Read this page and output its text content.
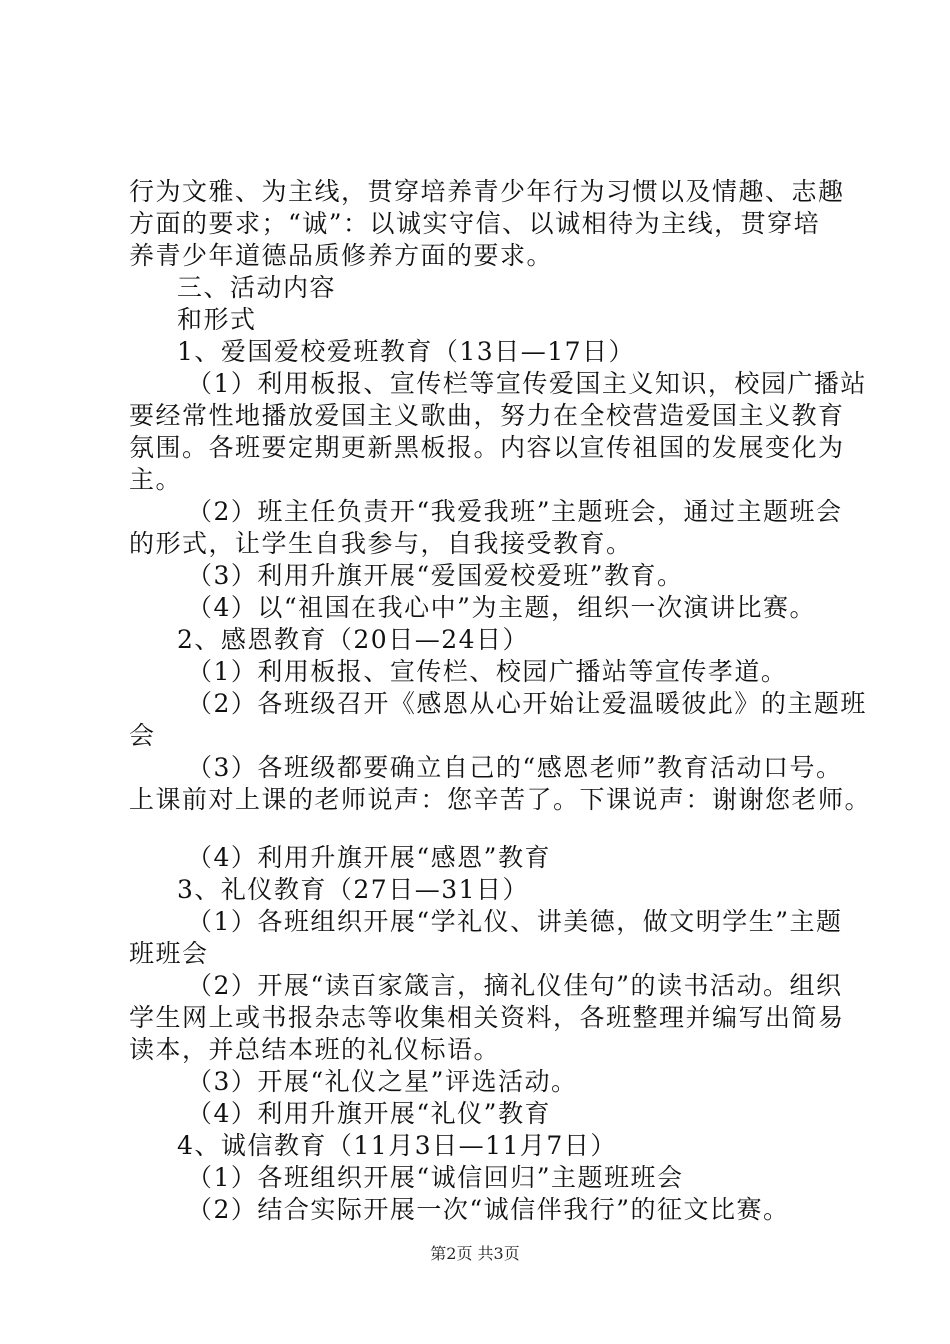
行为文雅、为主线，贯穿培养青少年行为习惯以及情趣、志趣
方面的要求；“诚”：以诚实守信、以诚相待为主线，贯穿培
养青少年道德品质修养方面的要求。
三、活动内容
和形式
1、爱国爱校爱班教育（13日—17日）
（1）利用板报、宣传栏等宣传爱国主义知识，校园广播站
要经常性地播放爱国主义歌曲，努力在全校营造爱国主义教育
氛围。各班要定期更新黑板报。内容以宣传祖国的发展变化为
主。
（2）班主任负责开“我爱我班”主题班会，通过主题班会
的形式，让学生自我参与，自我接受教育。
（3）利用升旗开展“爱国爱校爱班”教育。
（4）以“祖国在我心中”为主题，组织一次演讲比赛。
2、感恩教育（20日—24日）
（1）利用板报、宣传栏、校园广播站等宣传孝道。
（2）各班级召开《感恩从心开始让爱温暖彼此》的主题班
会
（3）各班级都要确立自己的“感恩老师”教育活动口号。
上课前对上课的老师说声：您辛苦了。下课说声：谢谢您老师。
（4）利用升旗开展“感恩”教育
3、礼仪教育（27日—31日）
（1）各班组织开展“学礼仪、讲美德，做文明学生”主题
班班会
（2）开展“读百家箴言，摘礼仪佳句”的读书活动。组织
学生网上或书报杂志等收集相关资料，各班整理并编写出简易
读本，并总结本班的礼仪标语。
（3）开展“礼仪之星”评选活动。
（4）利用升旗开展“礼仪”教育
4、诚信教育（11月3日—11月7日）
（1）各班组织开展“诚信回归”主题班班会
（2）结合实际开展一次“诚信伴我行”的征文比赛。
第2页 共3页
